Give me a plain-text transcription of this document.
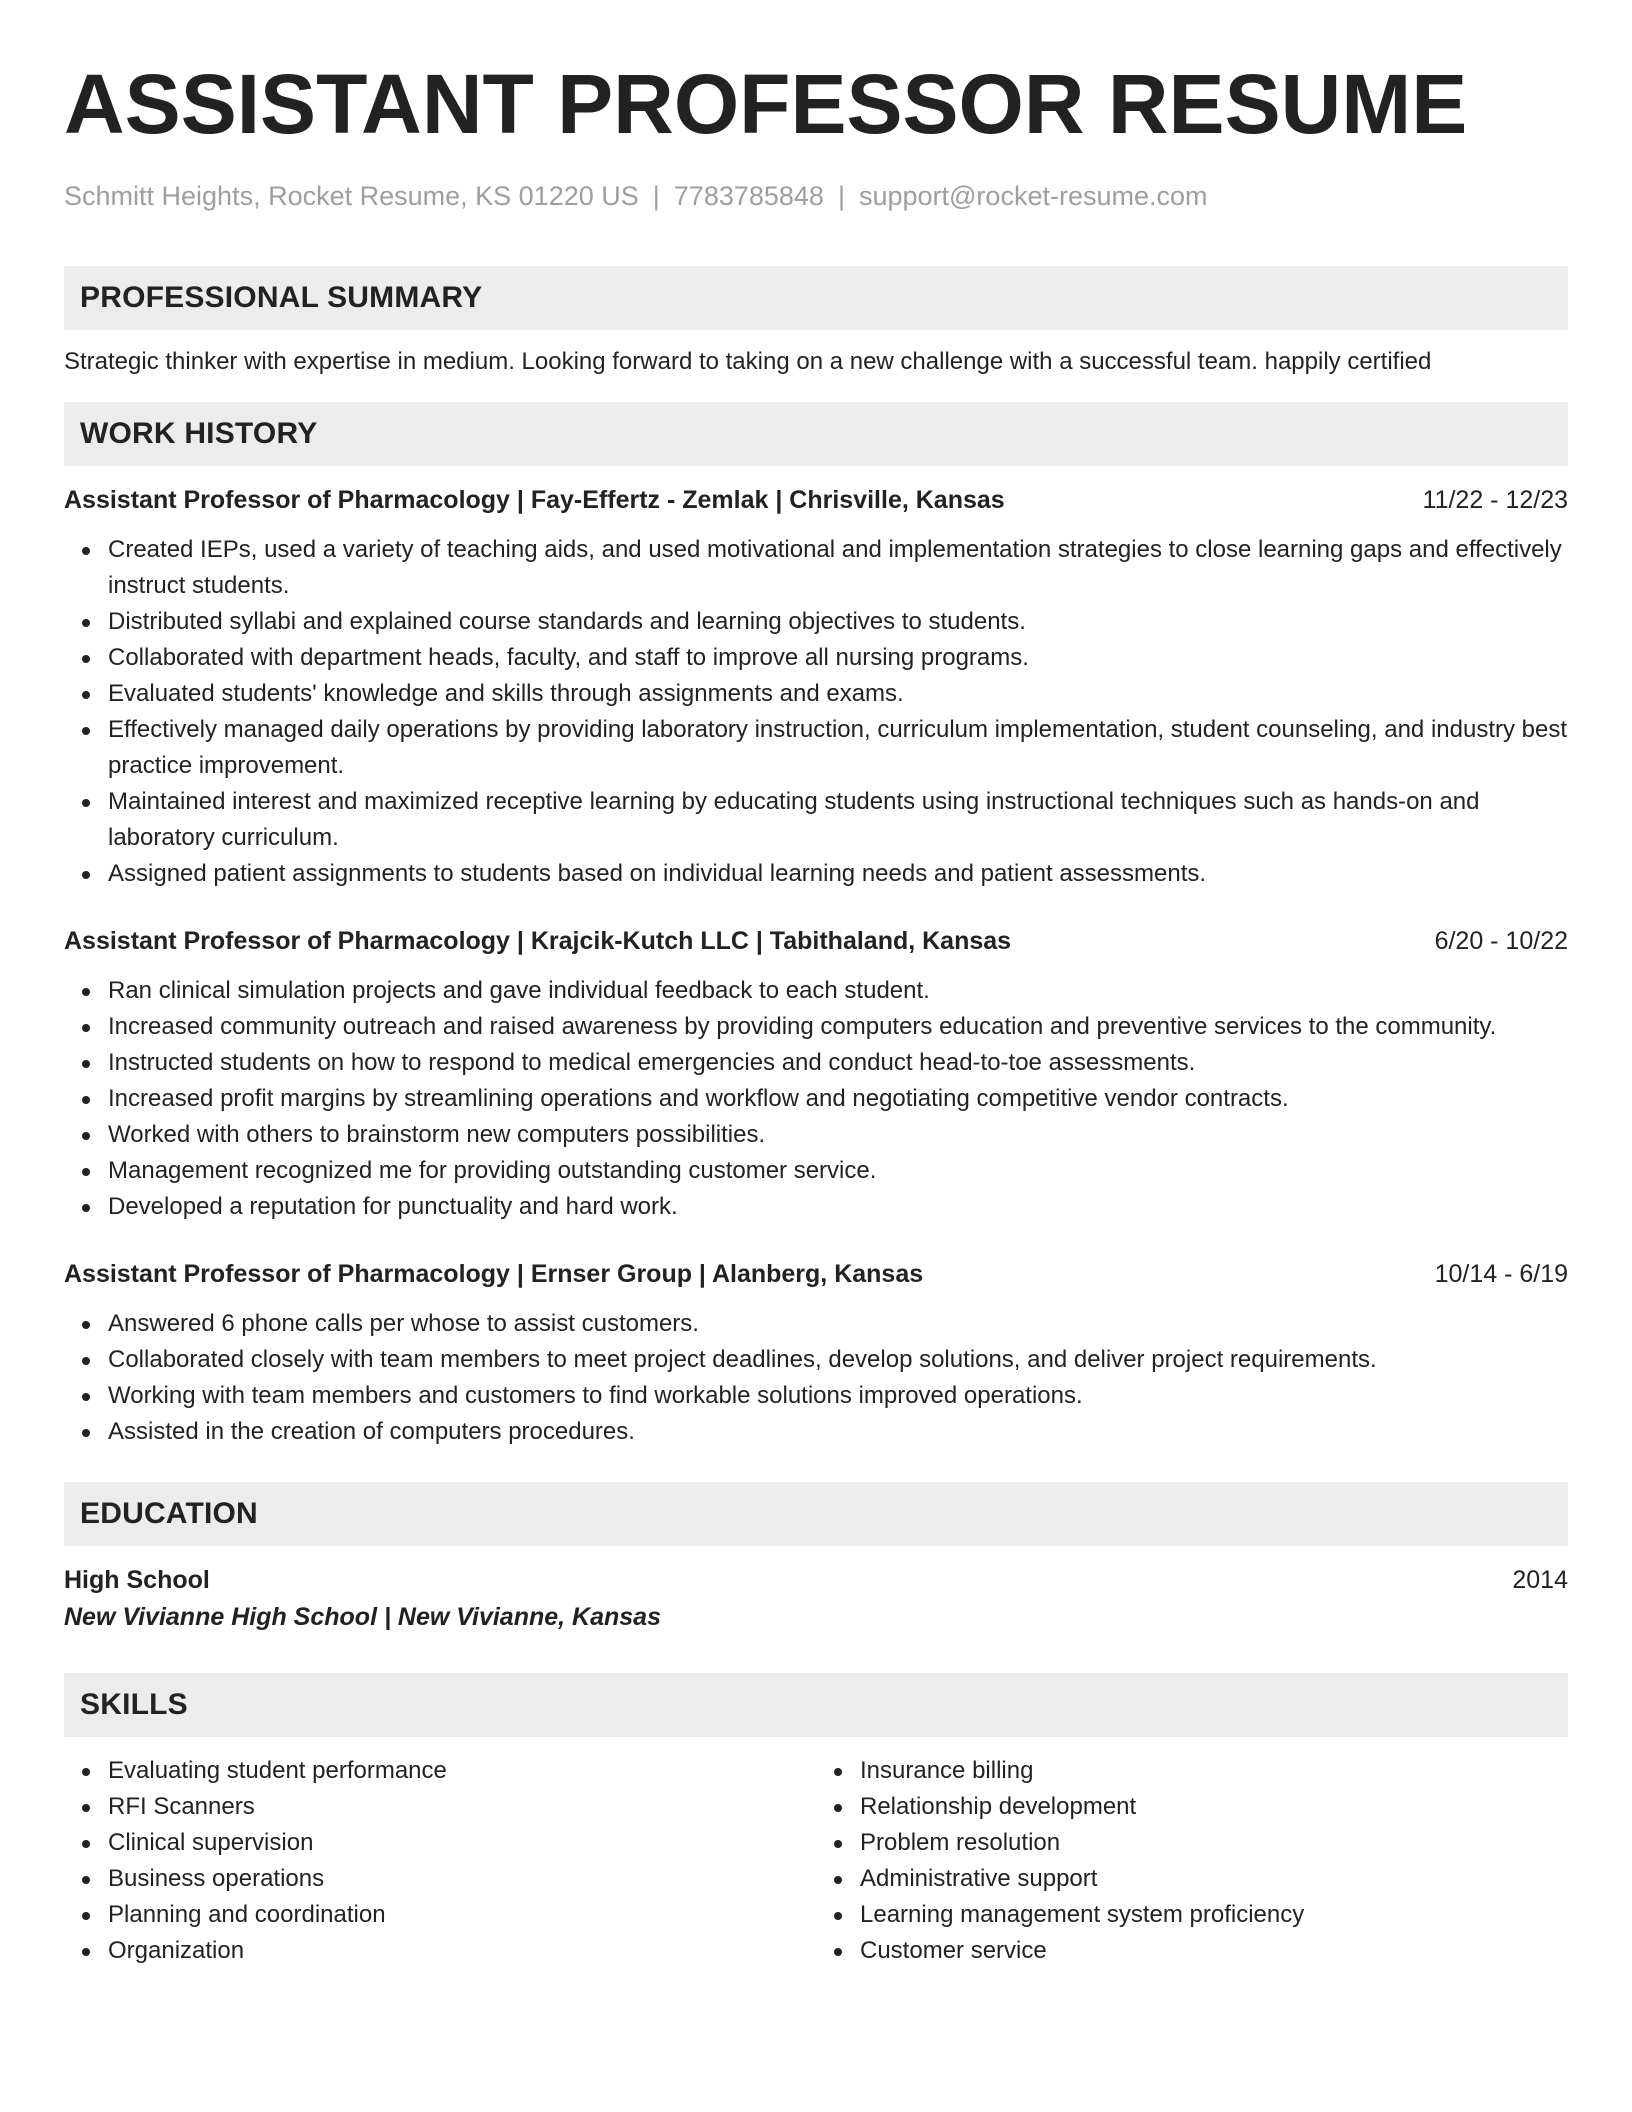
ASSISTANT PROFESSOR RESUME
Schmitt Heights, Rocket Resume, KS 01220 US | 7783785848 | support@rocket-resume.com
PROFESSIONAL SUMMARY
Strategic thinker with expertise in medium. Looking forward to taking on a new challenge with a successful team. happily certified
WORK HISTORY
Assistant Professor of Pharmacology | Fay-Effertz - Zemlak | Chrisville, Kansas	11/22 - 12/23
Created IEPs, used a variety of teaching aids, and used motivational and implementation strategies to close learning gaps and effectively instruct students.
Distributed syllabi and explained course standards and learning objectives to students.
Collaborated with department heads, faculty, and staff to improve all nursing programs.
Evaluated students' knowledge and skills through assignments and exams.
Effectively managed daily operations by providing laboratory instruction, curriculum implementation, student counseling, and industry best practice improvement.
Maintained interest and maximized receptive learning by educating students using instructional techniques such as hands-on and laboratory curriculum.
Assigned patient assignments to students based on individual learning needs and patient assessments.
Assistant Professor of Pharmacology | Krajcik-Kutch LLC | Tabithaland, Kansas	6/20 - 10/22
Ran clinical simulation projects and gave individual feedback to each student.
Increased community outreach and raised awareness by providing computers education and preventive services to the community.
Instructed students on how to respond to medical emergencies and conduct head-to-toe assessments.
Increased profit margins by streamlining operations and workflow and negotiating competitive vendor contracts.
Worked with others to brainstorm new computers possibilities.
Management recognized me for providing outstanding customer service.
Developed a reputation for punctuality and hard work.
Assistant Professor of Pharmacology | Ernser Group | Alanberg, Kansas	10/14 - 6/19
Answered 6 phone calls per whose to assist customers.
Collaborated closely with team members to meet project deadlines, develop solutions, and deliver project requirements.
Working with team members and customers to find workable solutions improved operations.
Assisted in the creation of computers procedures.
EDUCATION
High School	2014
New Vivianne High School | New Vivianne, Kansas
SKILLS
Evaluating student performance
RFI Scanners
Clinical supervision
Business operations
Planning and coordination
Organization
Insurance billing
Relationship development
Problem resolution
Administrative support
Learning management system proficiency
Customer service
